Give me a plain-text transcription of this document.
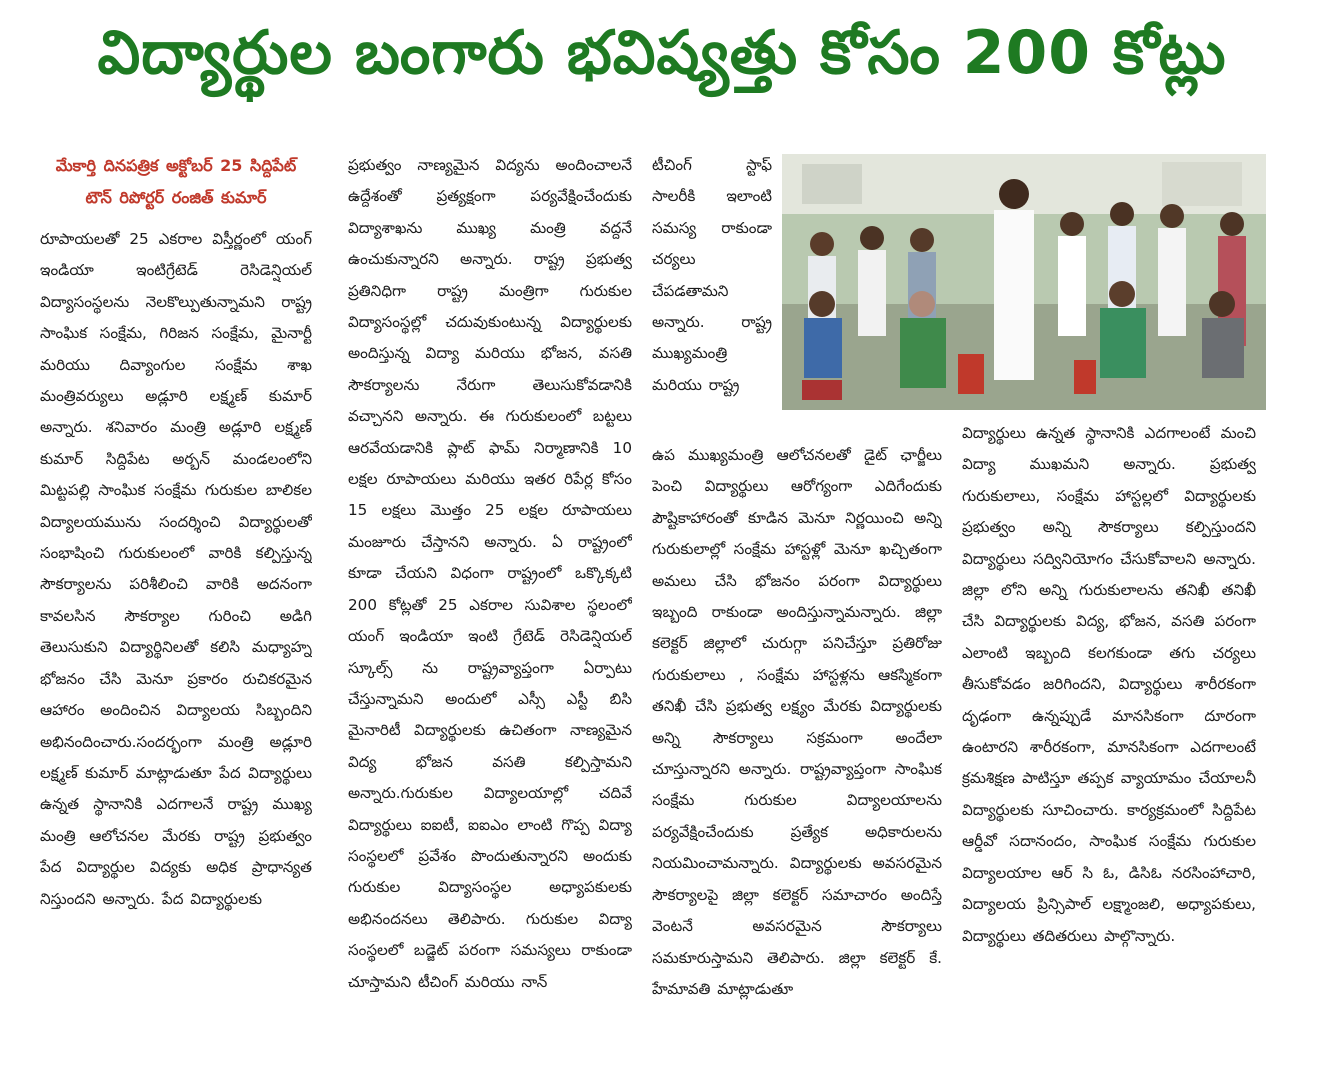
విద్యార్థుల బంగారు భవిష్యత్తు కోసం 200 కోట్లు

మేకార్తి దినపత్రిక అక్టోబర్ 25 సిద్దిపేట్ టౌన్ రిపోర్టర్ రంజిత్ కుమార్

రూపాయలతో 25 ఎకరాల విస్తీర్ణంలో యంగ్ ఇండియా ఇంటిగ్రేటెడ్ రెసిడెన్షియల్ విద్యాసంస్థలను నెలకొల్పుతున్నామని రాష్ట్ర సాంఘిక సంక్షేమ, గిరిజన సంక్షేమ, మైనార్టీ మరియు దివ్యాంగుల సంక్షేమ శాఖ మంత్రివర్యులు అడ్లూరి లక్ష్మణ్ కుమార్ అన్నారు. శనివారం మంత్రి అడ్లూరి లక్ష్మణ్ కుమార్ సిద్దిపేట అర్బన్ మండలంలోని మిట్టపల్లి సాంఘిక సంక్షేమ గురుకుల బాలికల విద్యాలయమును సందర్శించి విద్యార్థులతో సంభాషించి గురుకులంలో వారికి కల్పిస్తున్న సౌకర్యాలను పరిశీలించి వారికి అదనంగా కావలసిన సౌకర్యాల గురించి అడిగి తెలుసుకుని విద్యార్థినిలతో కలిసి మధ్యాహ్న భోజనం చేసి మెనూ ప్రకారం రుచికరమైన ఆహారం అందించిన విద్యాలయ సిబ్బందిని అభినందించారు.సందర్భంగా మంత్రి అడ్లూరి లక్ష్మణ్ కుమార్ మాట్లాడుతూ పేద విద్యార్థులు ఉన్నత స్థానానికి ఎదగాలనే రాష్ట్ర ముఖ్య మంత్రి ఆలోచనల మేరకు రాష్ట్ర ప్రభుత్వం పేద విద్యార్థుల విద్యకు అధిక ప్రాధాన్యత నిస్తుందని అన్నారు. పేద విద్యార్థులకు

ప్రభుత్వం నాణ్యమైన విద్యను అందించాలనే ఉద్దేశంతో ప్రత్యక్షంగా పర్యవేక్షించేందుకు విద్యాశాఖను ముఖ్య మంత్రి వద్దనే ఉంచుకున్నారని అన్నారు. రాష్ట్ర ప్రభుత్వ ప్రతినిధిగా రాష్ట్ర మంత్రిగా గురుకుల విద్యాసంస్థల్లో చదువుకుంటున్న విద్యార్థులకు అందిస్తున్న విద్యా మరియు భోజన, వసతి సౌకర్యాలను నేరుగా తెలుసుకోవడానికి వచ్చానని అన్నారు. ఈ గురుకులంలో బట్టలు ఆరవేయడానికి ప్లాట్ ఫామ్ నిర్మాణానికి 10 లక్షల రూపాయలు మరియు ఇతర రిపేర్ల కోసం 15 లక్షలు మొత్తం 25 లక్షల రూపాయలు మంజూరు చేస్తానని అన్నారు. ఏ రాష్ట్రంలో కూడా చేయని విధంగా రాష్ట్రంలో ఒక్కొక్కటి 200 కోట్లతో 25 ఎకరాల సువిశాల స్థలంలో యంగ్ ఇండియా ఇంటి గ్రేటెడ్ రెసిడెన్షియల్ స్కూల్స్ ను రాష్ట్రవ్యాప్తంగా ఏర్పాటు చేస్తున్నామని అందులో ఎస్సీ ఎస్టీ బిసి మైనారిటీ విద్యార్థులకు ఉచితంగా నాణ్యమైన విద్య భోజన వసతి కల్పిస్తామని అన్నారు.గురుకుల విద్యాలయాల్లో చదివే విద్యార్థులు ఐఐటీ, ఐఐఎం లాంటి గొప్ప విద్యా సంస్థలలో ప్రవేశం పొందుతున్నారని అందుకు గురుకుల విద్యాసంస్థల అధ్యాపకులకు అభినందనలు తెలిపారు. గురుకుల విద్యా సంస్థలలో బడ్జెట్ పరంగా సమస్యలు రాకుండా చూస్తామని టీచింగ్ మరియు నాన్

టీచింగ్ స్టాఫ్ సాలరీకి ఇలాంటి సమస్య రాకుండా చర్యలు చేపడతామని అన్నారు. రాష్ట్ర ముఖ్యమంత్రి మరియు రాష్ట్ర

ఉప ముఖ్యమంత్రి ఆలోచనలతో డైట్ ఛార్జీలు పెంచి విద్యార్థులు ఆరోగ్యంగా ఎదిగేందుకు పౌష్టికాహారంతో కూడిన మెనూ నిర్ణయించి అన్ని గురుకులాల్లో సంక్షేమ హాస్టళ్లో మెనూ ఖచ్చితంగా అమలు చేసి భోజనం పరంగా విద్యార్థులు ఇబ్బంది రాకుండా అందిస్తున్నామన్నారు. జిల్లా కలెక్టర్ జిల్లాలో చురుగ్గా పనిచేస్తూ ప్రతిరోజు గురుకులాలు , సంక్షేమ హాస్టళ్లను ఆకస్మికంగా తనిఖీ చేసి ప్రభుత్వ లక్ష్యం మేరకు విద్యార్థులకు అన్ని సౌకర్యాలు సక్రమంగా అందేలా చూస్తున్నారని అన్నారు. రాష్ట్రవ్యాప్తంగా సాంఘిక సంక్షేమ గురుకుల విద్యాలయాలను పర్యవేక్షించేందుకు ప్రత్యేక అధికారులను నియమించామన్నారు. విద్యార్థులకు అవసరమైన సౌకర్యాలపై జిల్లా కలెక్టర్ సమాచారం అందిస్తే వెంటనే అవసరమైన సౌకర్యాలు సమకూరుస్తామని తెలిపారు. జిల్లా కలెక్టర్ కే. హేమావతి మాట్లాడుతూ

విద్యార్థులు ఉన్నత స్థానానికి ఎదగాలంటే మంచి విద్యా ముఖమని అన్నారు. ప్రభుత్వ గురుకులాలు, సంక్షేమ హాస్టల్లలో విద్యార్థులకు ప్రభుత్వం అన్ని సౌకర్యాలు కల్పిస్తుందని విద్యార్థులు సద్వినియోగం చేసుకోవాలని అన్నారు. జిల్లా లోని అన్ని గురుకులాలను తనిఖీ తనిఖీ చేసి విద్యార్థులకు విద్య, భోజన, వసతి పరంగా ఎలాంటి ఇబ్బంది కలగకుండా తగు చర్యలు తీసుకోవడం జరిగిందని, విద్యార్థులు శారీరకంగా దృఢంగా ఉన్నప్పుడే మానసికంగా దూరంగా ఉంటారని శారీరకంగా, మానసికంగా ఎదగాలంటే క్రమశిక్షణ పాటిస్తూ తప్పక వ్యాయామం చేయాలనీ విద్యార్థులకు సూచించారు. కార్యక్రమంలో సిద్దిపేట ఆర్డీవో సదానందం, సాంఘిక సంక్షేమ గురుకుల విద్యాలయాల ఆర్ సి ఓ, డిసిఓ నరసింహాచారి, విద్యాలయ ప్రిన్సిపాల్ లక్ష్మాంజలి, అధ్యాపకులు, విద్యార్థులు తదితరులు పాల్గొన్నారు.
